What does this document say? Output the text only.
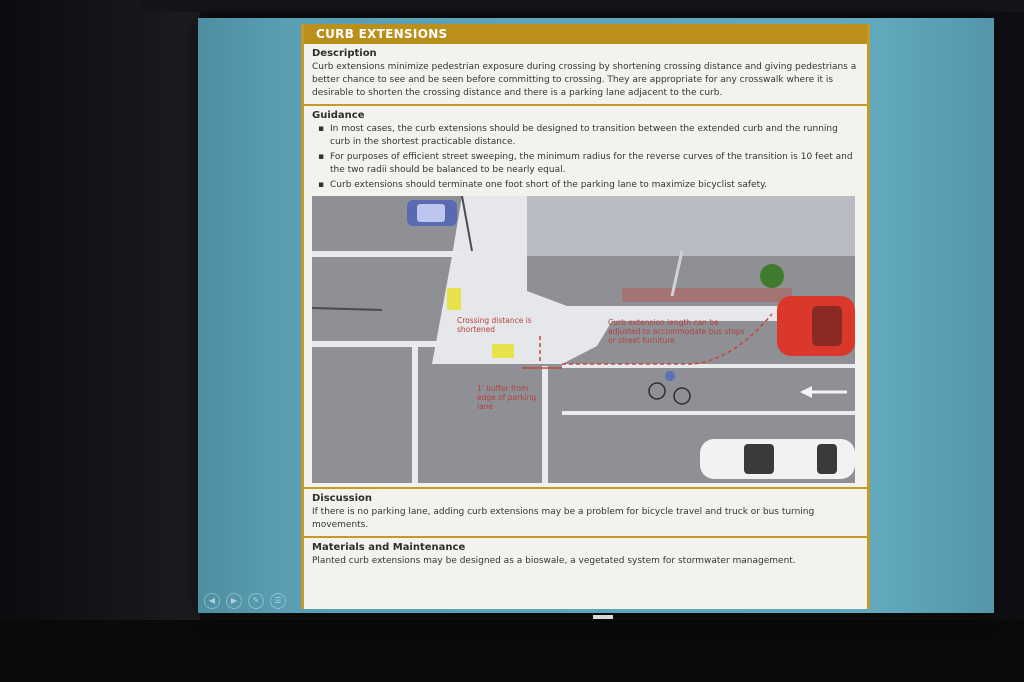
CURB EXTENSIONS
Description

Curb extensions minimize pedestrian exposure during crossing by shortening crossing distance and giving pedestrians a better chance to see and be seen before committing to crossing. They are appropriate for any crosswalk where it is desirable to shorten the crossing distance and there is a parking lane adjacent to the curb.

Guidance
▪ In most cases, the curb extensions should be designed to transition between the extended curb and the running curb in the shortest practicable distance.
▪ For purposes of efficient street sweeping, the minimum radius for the reverse curves of the transition is 10 feet and the two radii should be balanced to be nearly equal.
▪ Curb extensions should terminate one foot short of the parking lane to maximize bicyclist safety.
Crossing distance is shortened
Curb extension length can be adjusted to accommodate bus stops or street furniture
1' buffer from edge of parking lane
Discussion

If there is no parking lane, adding curb extensions may be a problem for bicycle travel and truck or bus turning movements.

Materials and Maintenance

Planted curb extensions may be designed as a bioswale, a vegetated system for stormwater management.

◀	▶	✎	☰
